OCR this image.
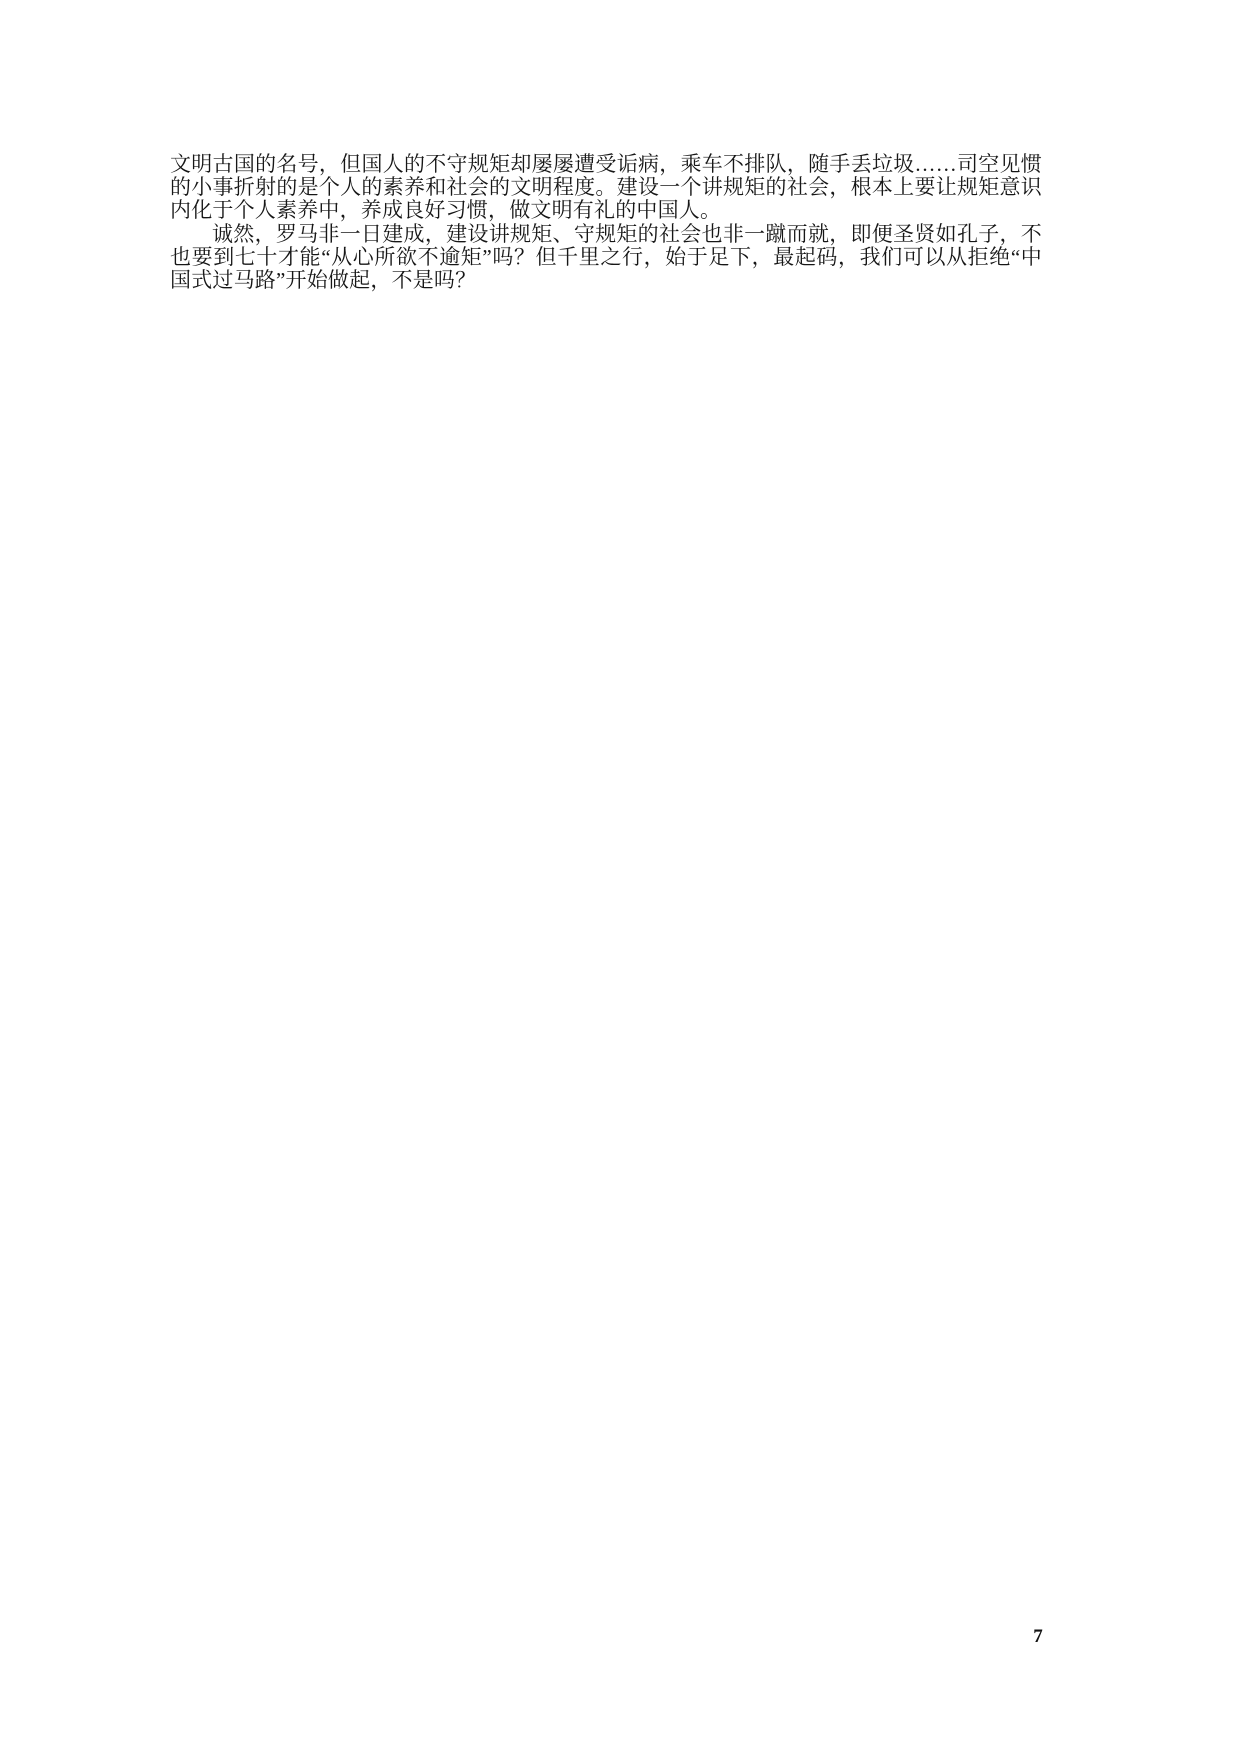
文明古国的名号，但国人的不守规矩却屡屡遭受诟病，乘车不排队，随手丢垃圾……司空见惯的小事折射的是个人的素养和社会的文明程度。建设一个讲规矩的社会，根本上要让规矩意识内化于个人素养中，养成良好习惯，做文明有礼的中国人。

诚然，罗马非一日建成，建设讲规矩、守规矩的社会也非一蹴而就，即便圣贤如孔子，不也要到七十才能“从心所欲不逾矩”吗？但千里之行，始于足下，最起码，我们可以从拒绝“中国式过马路”开始做起，不是吗？

7
